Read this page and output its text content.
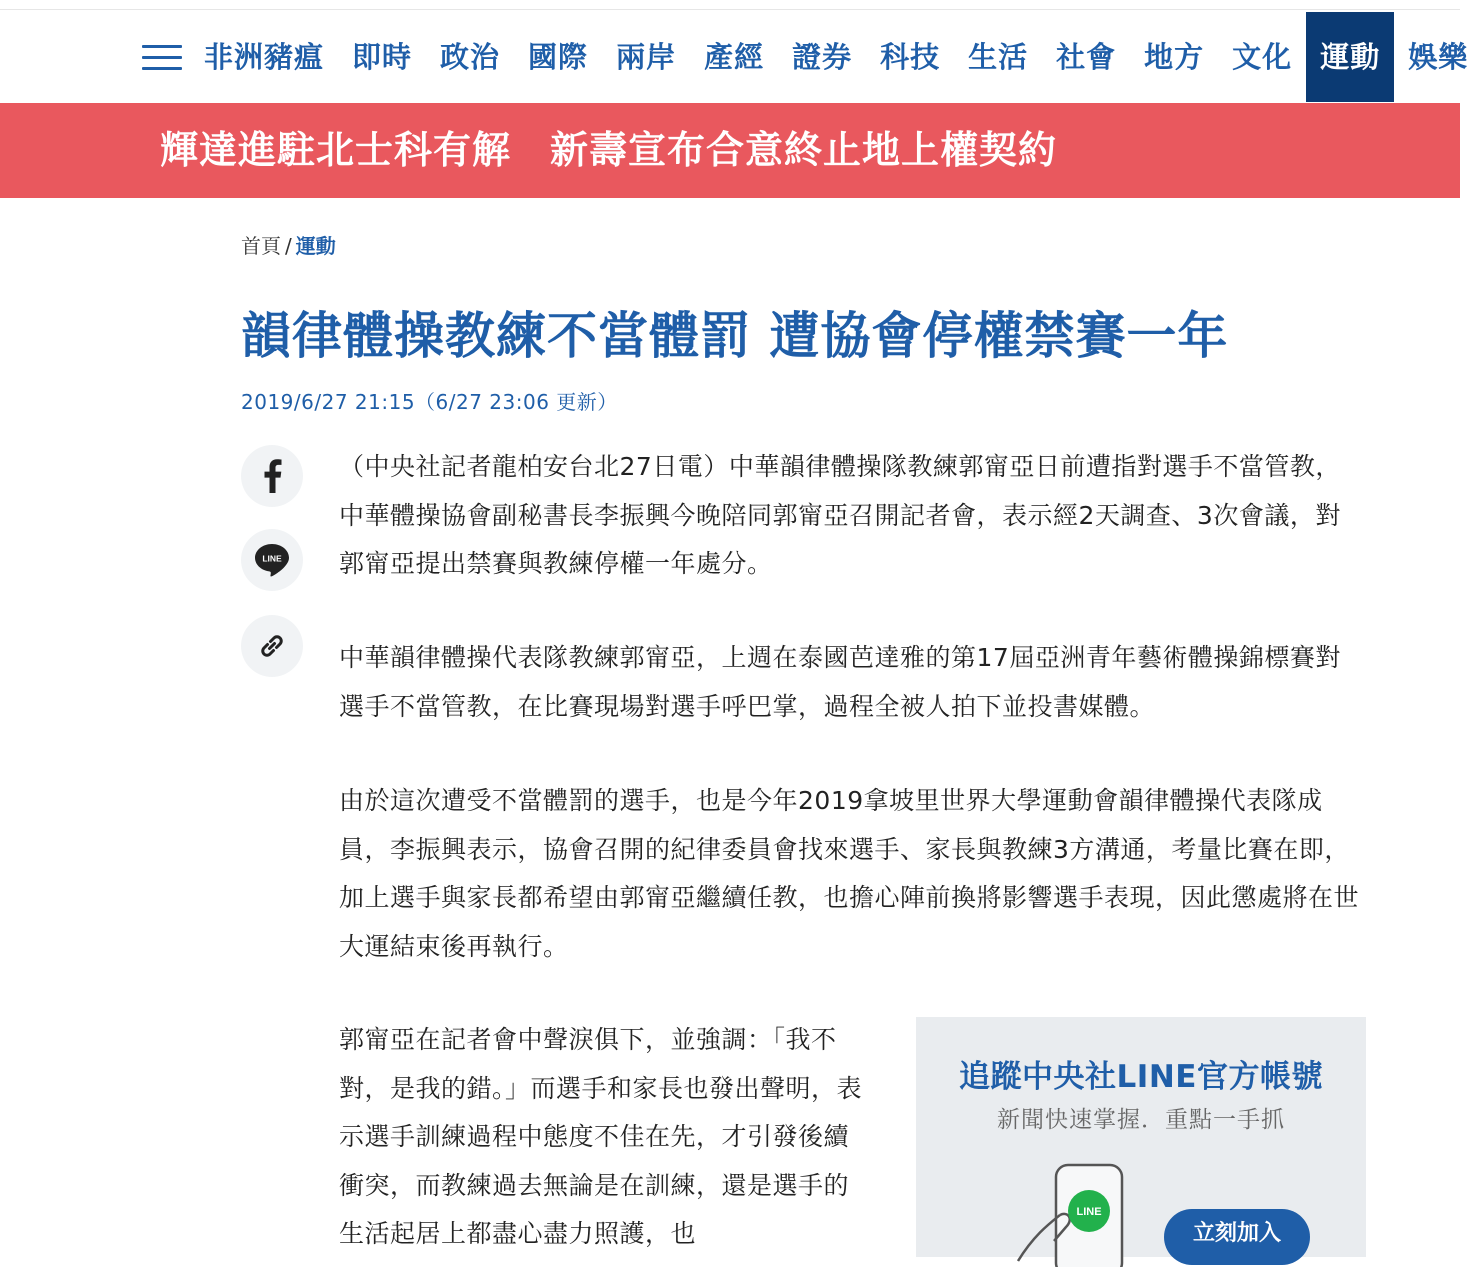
非洲豬瘟 即時 政治 國際 兩岸 產經 證券 科技 生活 社會 地方 文化 運動 娛樂
輝達進駐北士科有解　新壽宣布合意終止地上權契約
首頁 / 運動
韻律體操教練不當體罰 遭協會停權禁賽一年
2019/6/27 21:15（6/27 23:06 更新）
LINE

（中央社記者龍柏安台北27日電）中華韻律體操隊教練郭甯亞日前遭指對選手不當管教，中華體操協會副秘書長李振興今晚陪同郭甯亞召開記者會，表示經2天調查、3次會議，對郭甯亞提出禁賽與教練停權一年處分。

中華韻律體操代表隊教練郭甯亞，上週在泰國芭達雅的第17屆亞洲青年藝術體操錦標賽對選手不當管教，在比賽現場對選手呼巴掌，過程全被人拍下並投書媒體。

由於這次遭受不當體罰的選手，也是今年2019拿坡里世界大學運動會韻律體操代表隊成員，李振興表示，協會召開的紀律委員會找來選手、家長與教練3方溝通，考量比賽在即，加上選手與家長都希望由郭甯亞繼續任教，也擔心陣前換將影響選手表現，因此懲處將在世大運結束後再執行。

郭甯亞在記者會中聲淚俱下，並強調：「我不對，是我的錯。」而選手和家長也發出聲明，表示選手訓練過程中態度不佳在先，才引發後續衝突，而教練過去無論是在訓練，還是選手的生活起居上都盡心盡力照護，也

追蹤中央社LINE官方帳號
新聞快速掌握．重點一手抓
LINE
立刻加入
